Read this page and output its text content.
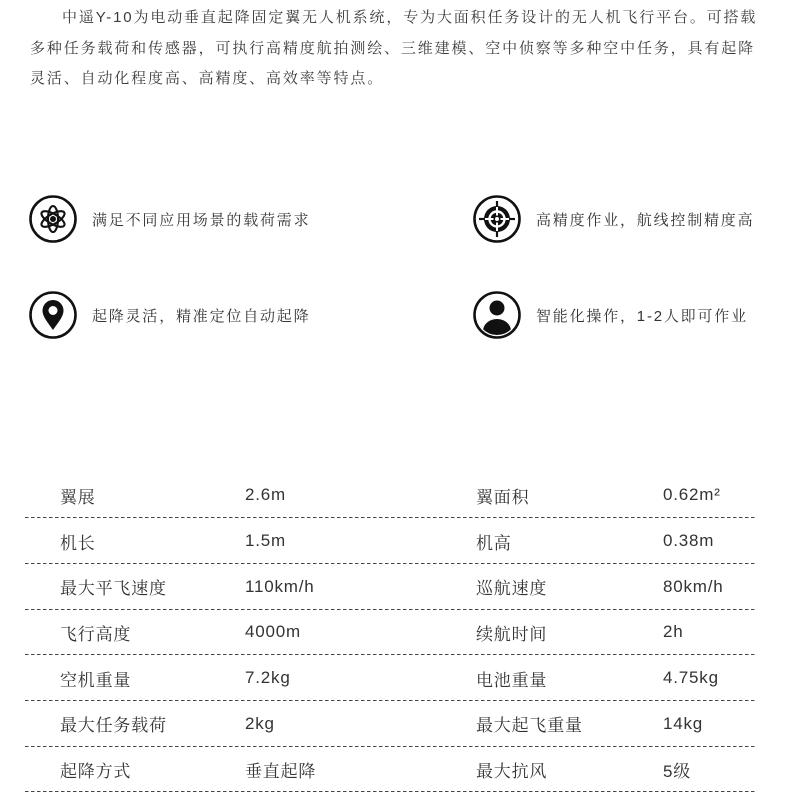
中遥Y-10为电动垂直起降固定翼无人机系统，专为大面积任务设计的无人机飞行平台。可搭载
多种任务载荷和传感器，可执行高精度航拍测绘、三维建模、空中侦察等多种空中任务，具有起降
灵活、自动化程度高、高精度、高效率等特点。
满足不同应用场景的载荷需求	高精度作业，航线控制精度高
起降灵活，精准定位自动起降	智能化操作，1-2人即可作业
翼展	2.6m	翼面积	0.62m²
机长	1.5m	机高	0.38m
最大平飞速度	110km/h	巡航速度	80km/h
飞行高度	4000m	续航时间	2h
空机重量	7.2kg	电池重量	4.75kg
最大任务载荷	2kg	最大起飞重量	14kg
起降方式	垂直起降	最大抗风	5级
